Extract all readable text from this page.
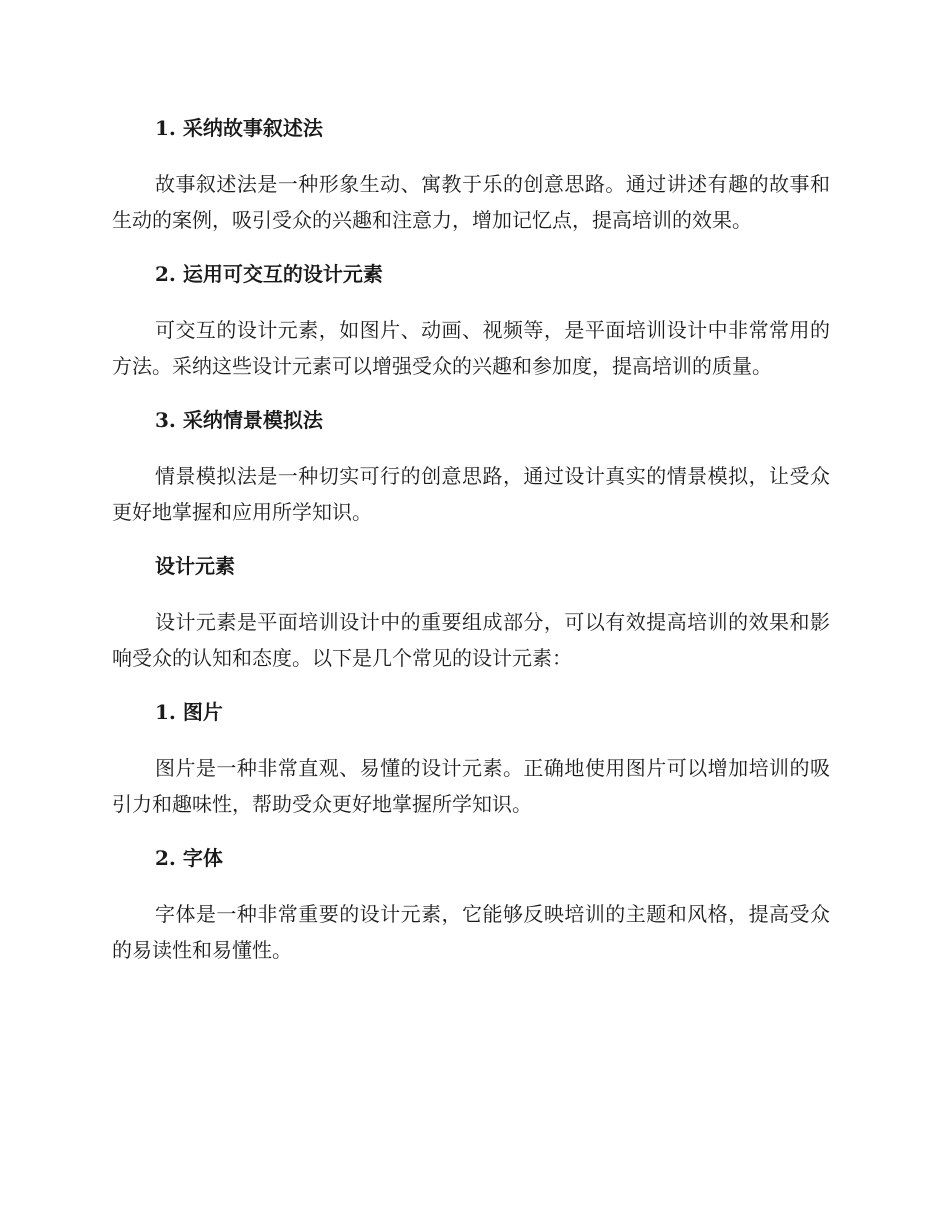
1. 采纳故事叙述法

故事叙述法是一种形象生动、寓教于乐的创意思路。通过讲述有趣的故事和生动的案例，吸引受众的兴趣和注意力，增加记忆点，提高培训的效果。

2. 运用可交互的设计元素

可交互的设计元素，如图片、动画、视频等，是平面培训设计中非常常用的方法。采纳这些设计元素可以增强受众的兴趣和参加度，提高培训的质量。

3. 采纳情景模拟法

情景模拟法是一种切实可行的创意思路，通过设计真实的情景模拟，让受众更好地掌握和应用所学知识。

设计元素

设计元素是平面培训设计中的重要组成部分，可以有效提高培训的效果和影响受众的认知和态度。以下是几个常见的设计元素：

1. 图片

图片是一种非常直观、易懂的设计元素。正确地使用图片可以增加培训的吸引力和趣味性，帮助受众更好地掌握所学知识。

2. 字体

字体是一种非常重要的设计元素，它能够反映培训的主题和风格，提高受众的易读性和易懂性。
